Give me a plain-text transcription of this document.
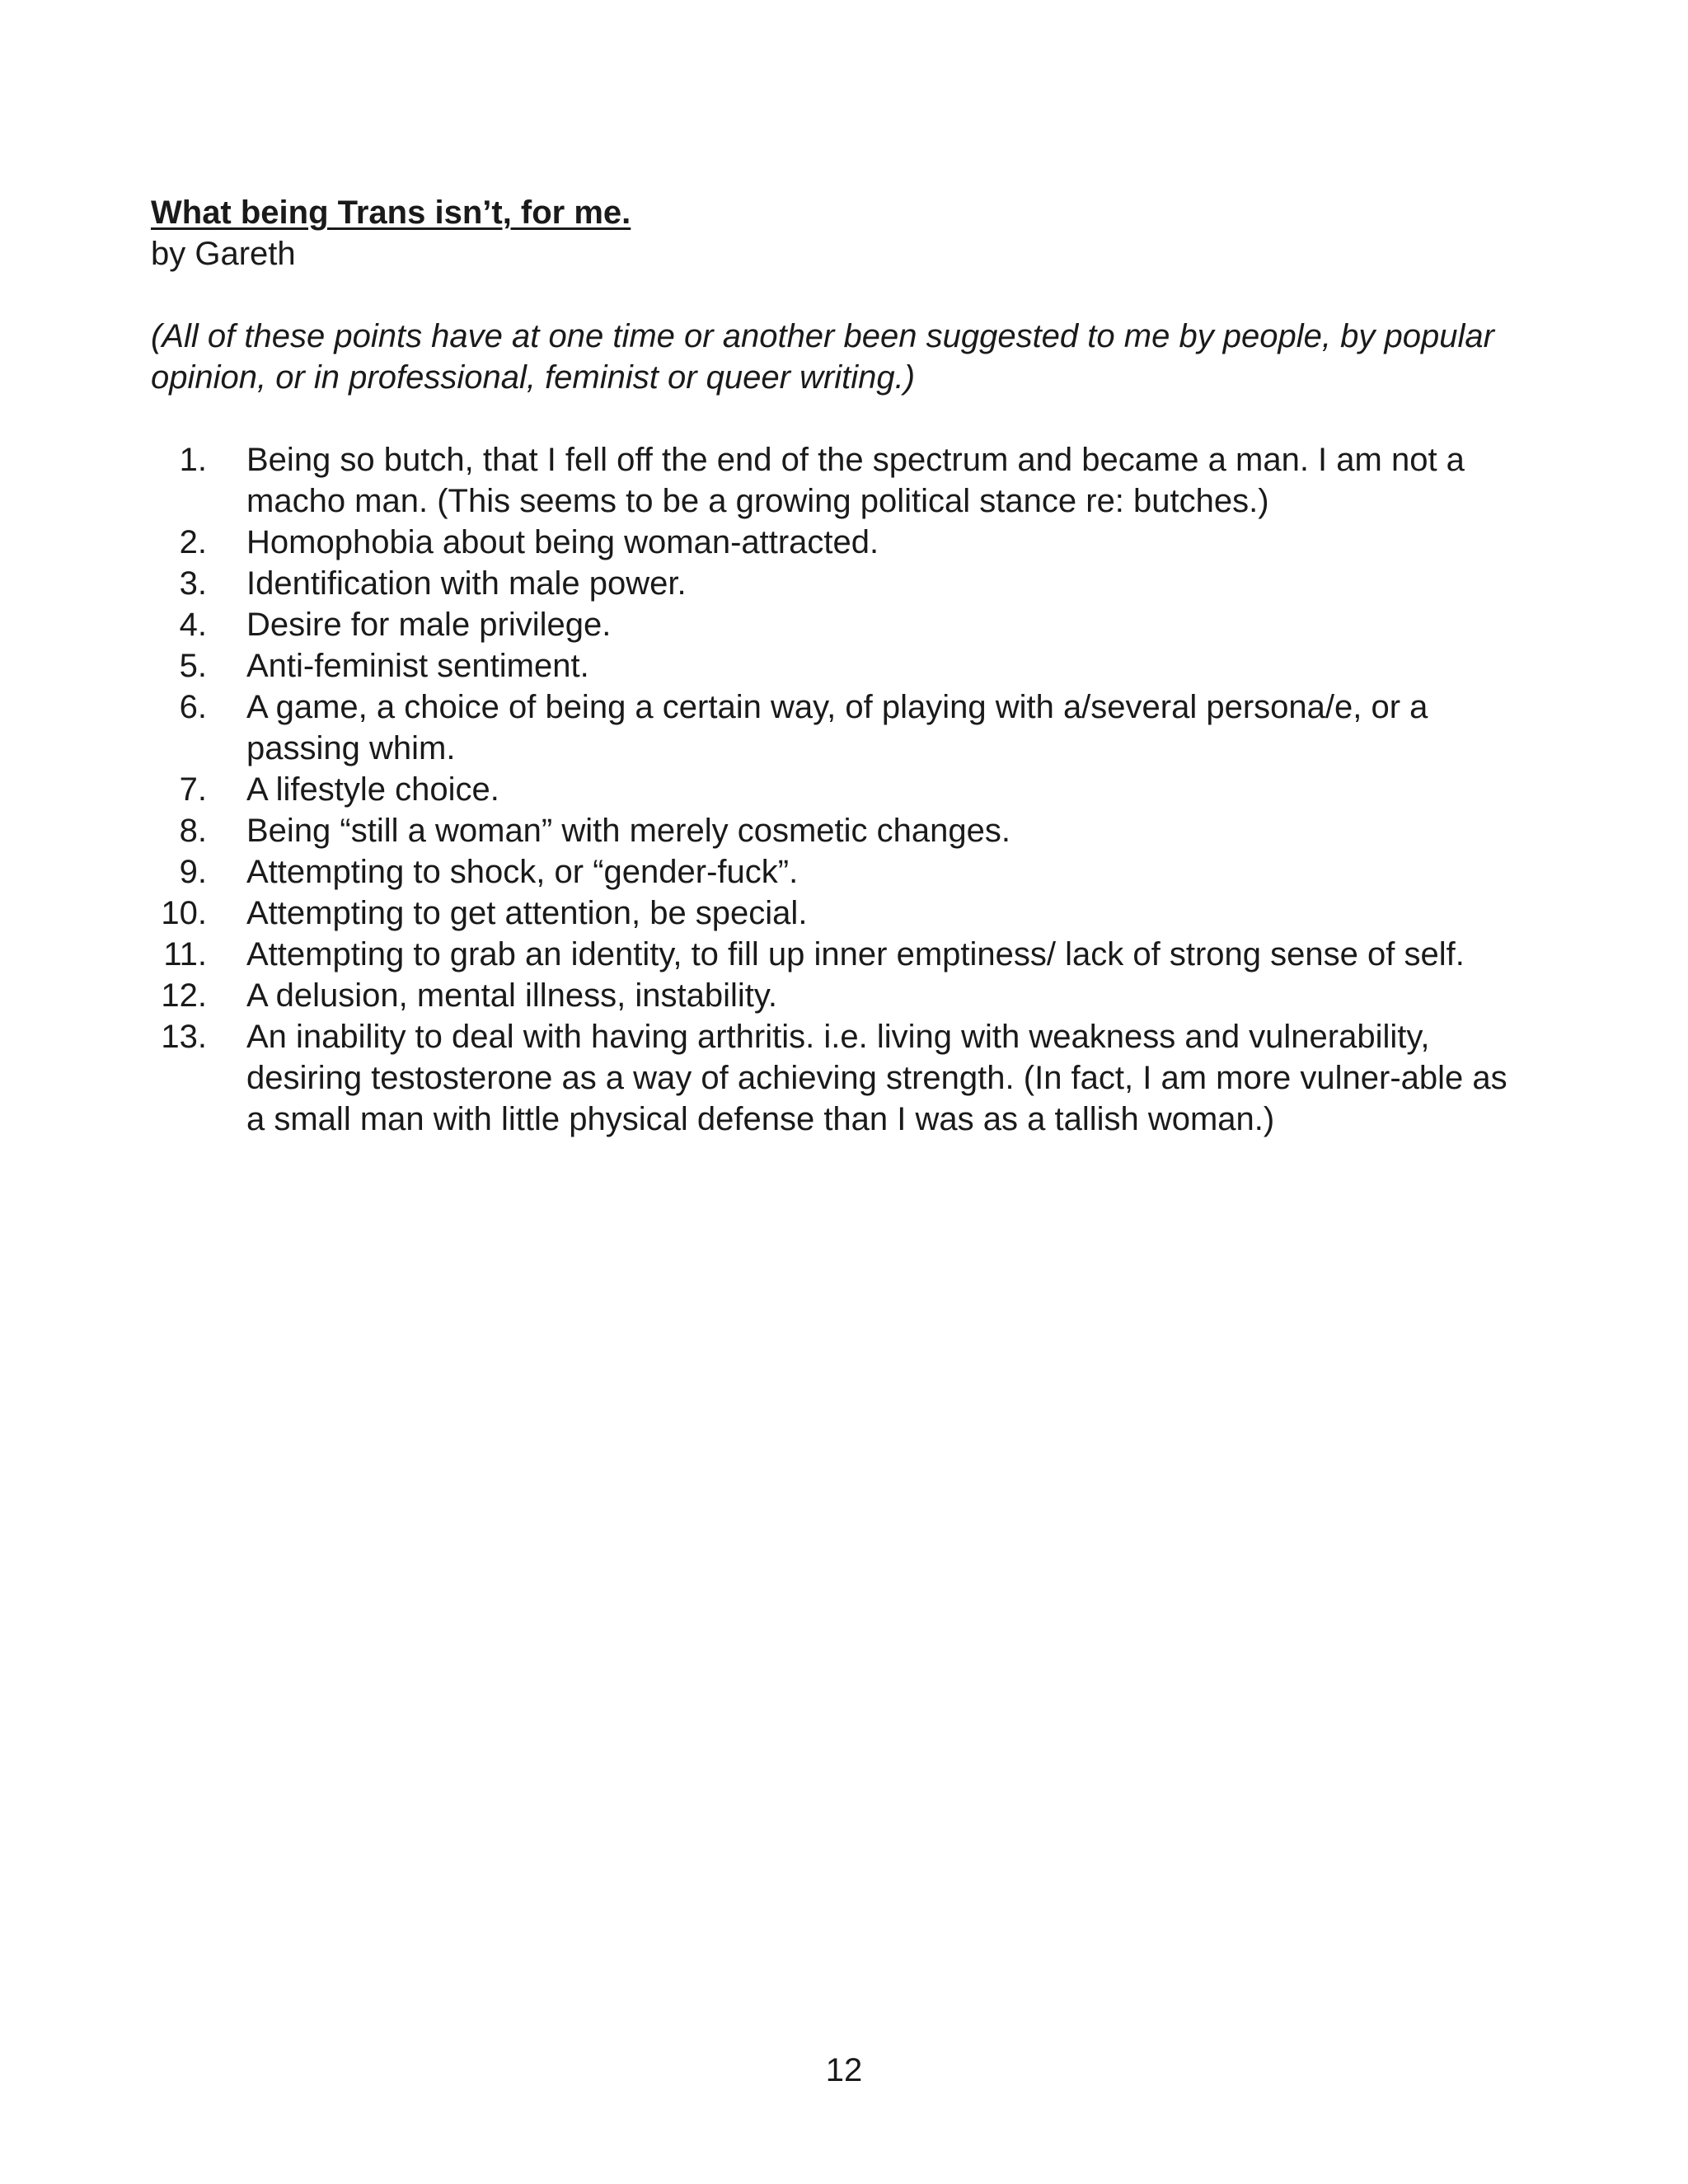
What being Trans isn’t, for me.
by Gareth
(All of these points have at one time or another been suggested to me by people, by popular opinion, or in professional, feminist or queer writing.)
1. Being so butch, that I fell off the end of the spectrum and became a man. I am not a macho man. (This seems to be a growing political stance re: butches.)
2. Homophobia about being woman-attracted.
3. Identification with male power.
4. Desire for male privilege.
5. Anti-feminist sentiment.
6. A game, a choice of being a certain way, of playing with a/several persona/e, or a passing whim.
7. A lifestyle choice.
8. Being “still a woman” with merely cosmetic changes.
9. Attempting to shock, or “gender-fuck”.
10. Attempting to get attention, be special.
11. Attempting to grab an identity, to fill up inner emptiness/ lack of strong sense of self.
12. A delusion, mental illness, instability.
13. An inability to deal with having arthritis. i.e. living with weakness and vulnerability, desiring testosterone as a way of achieving strength. (In fact, I am more vulner-able as a small man with little physical defense than I was as a tallish woman.)
12
